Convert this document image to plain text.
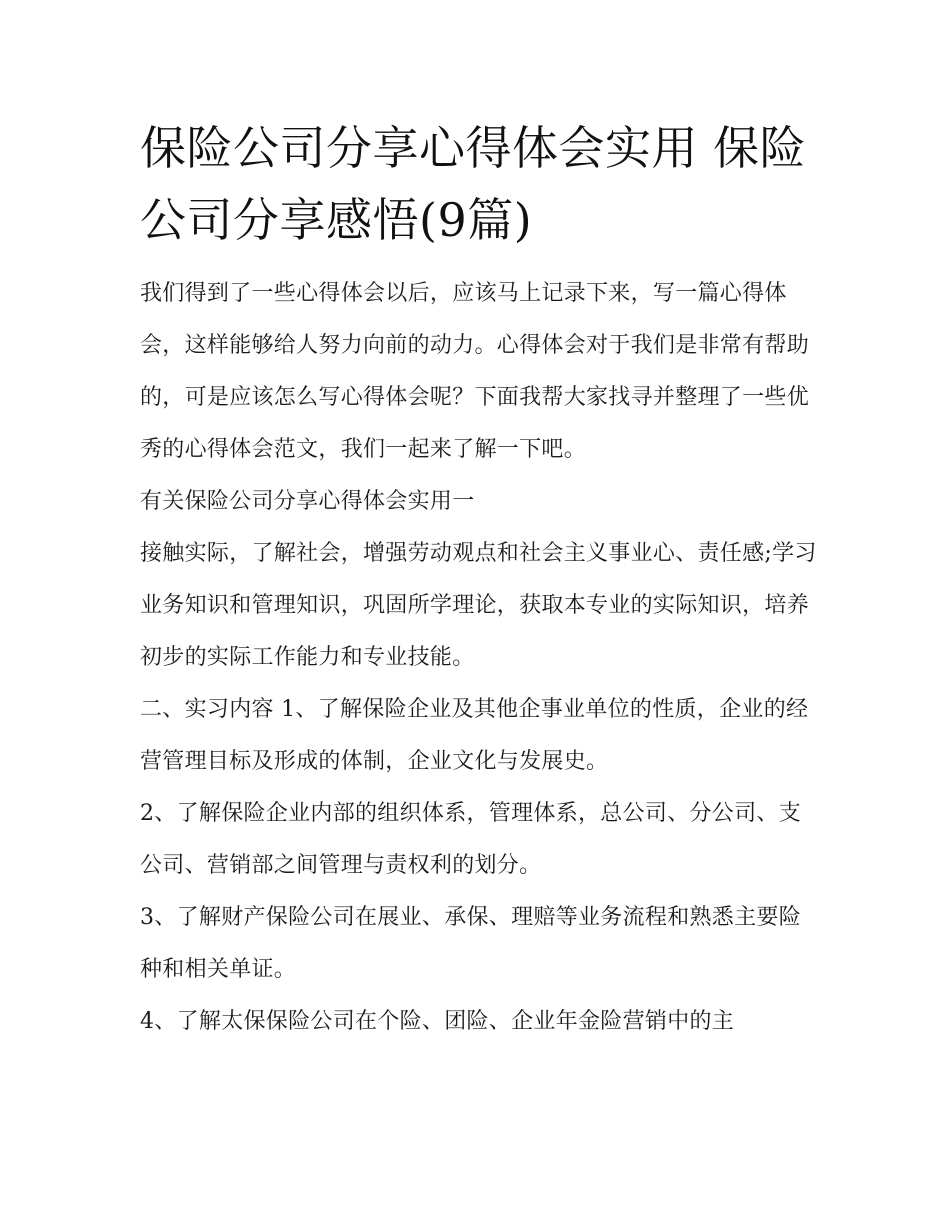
保险公司分享心得体会实用 保险公司分享感悟(9篇)

我们得到了一些心得体会以后，应该马上记录下来，写一篇心得体会，这样能够给人努力向前的动力。心得体会对于我们是非常有帮助的，可是应该怎么写心得体会呢？下面我帮大家找寻并整理了一些优秀的心得体会范文，我们一起来了解一下吧。

有关保险公司分享心得体会实用一

接触实际，了解社会，增强劳动观点和社会主义事业心、责任感;学习业务知识和管理知识，巩固所学理论，获取本专业的实际知识，培养初步的实际工作能力和专业技能。

二、实习内容 1、了解保险企业及其他企事业单位的性质，企业的经营管理目标及形成的体制，企业文化与发展史。

2、了解保险企业内部的组织体系，管理体系，总公司、分公司、支公司、营销部之间管理与责权利的划分。

3、了解财产保险公司在展业、承保、理赔等业务流程和熟悉主要险种和相关单证。

4、了解太保保险公司在个险、团险、企业年金险营销中的主
